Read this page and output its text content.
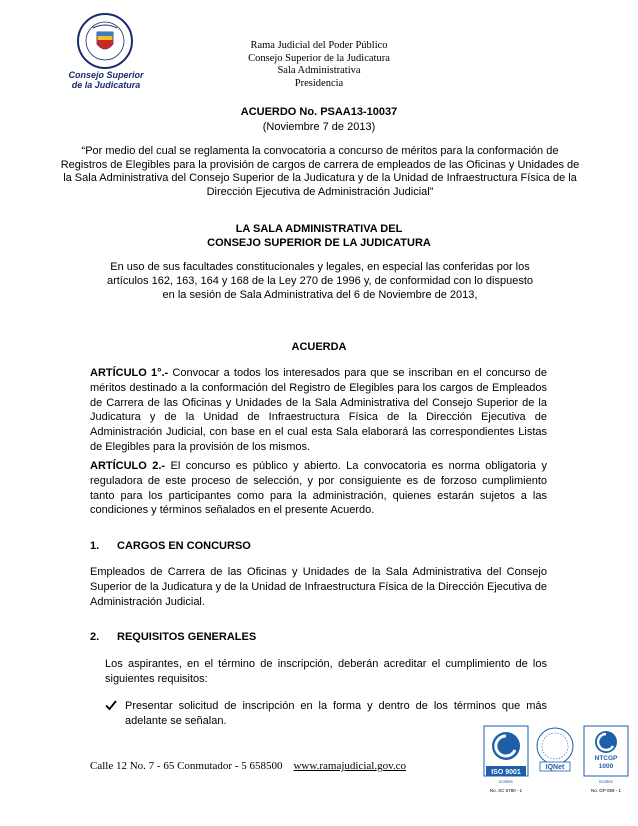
Consejo Superior
de la Judicatura
Rama Judicial del Poder Público
Consejo Superior de la Judicatura
Sala Administrativa
Presidencia
ACUERDO No. PSAA13-10037
(Noviembre 7 de 2013)
“Por medio del cual se reglamenta la convocatoria a concurso de méritos para la conformación de Registros de Elegibles para la provisión de cargos de carrera de empleados de las Oficinas y Unidades de la Sala Administrativa del Consejo Superior de la Judicatura y de la Unidad de Infraestructura Física de la Dirección Ejecutiva de Administración Judicial”
LA SALA ADMINISTRATIVA DEL
CONSEJO SUPERIOR DE LA JUDICATURA
En uso de sus facultades constitucionales y legales, en especial las conferidas por los artículos 162, 163, 164 y 168 de la Ley 270 de 1996 y, de conformidad con lo dispuesto en la sesión de Sala Administrativa del 6 de Noviembre de 2013,
ACUERDA
ARTÍCULO 1°.- Convocar a todos los interesados para que se inscriban en el concurso de méritos destinado a la conformación del Registro de Elegibles para los cargos de Empleados de Carrera de las Oficinas y Unidades de la Sala Administrativa del Consejo Superior de la Judicatura y de la Unidad de Infraestructura Física de la Dirección Ejecutiva de Administración Judicial, con base en el cual esta Sala elaborará las correspondientes Listas de Elegibles para la provisión de los mismos.
ARTÍCULO 2.- El concurso es público y abierto. La convocatoria es norma obligatoria y reguladora de este proceso de selección, y por consiguiente es de forzoso cumplimiento tanto para los participantes como para la administración, quienes estarán sujetos a las condiciones y términos señalados en el presente Acuerdo.
1. CARGOS EN CONCURSO
Empleados de Carrera de las Oficinas y Unidades de la Sala Administrativa del Consejo Superior de la Judicatura y de la Unidad de Infraestructura Física de la Dirección Ejecutiva de Administración Judicial.
2. REQUISITOS GENERALES
Los aspirantes, en el término de inscripción, deberán acreditar el cumplimiento de los siguientes requisitos:
Presentar solicitud de inscripción en la forma y dentro de los términos que más adelante se señalan.
Calle 12 No. 7 - 65 Conmutador - 5 658500 www.ramajudicial.gov.co
ISO 9001
icontec
No. SC 5780 - 1
IQNet
NTCGP
1000
icontec
No. GP 059 - 1
